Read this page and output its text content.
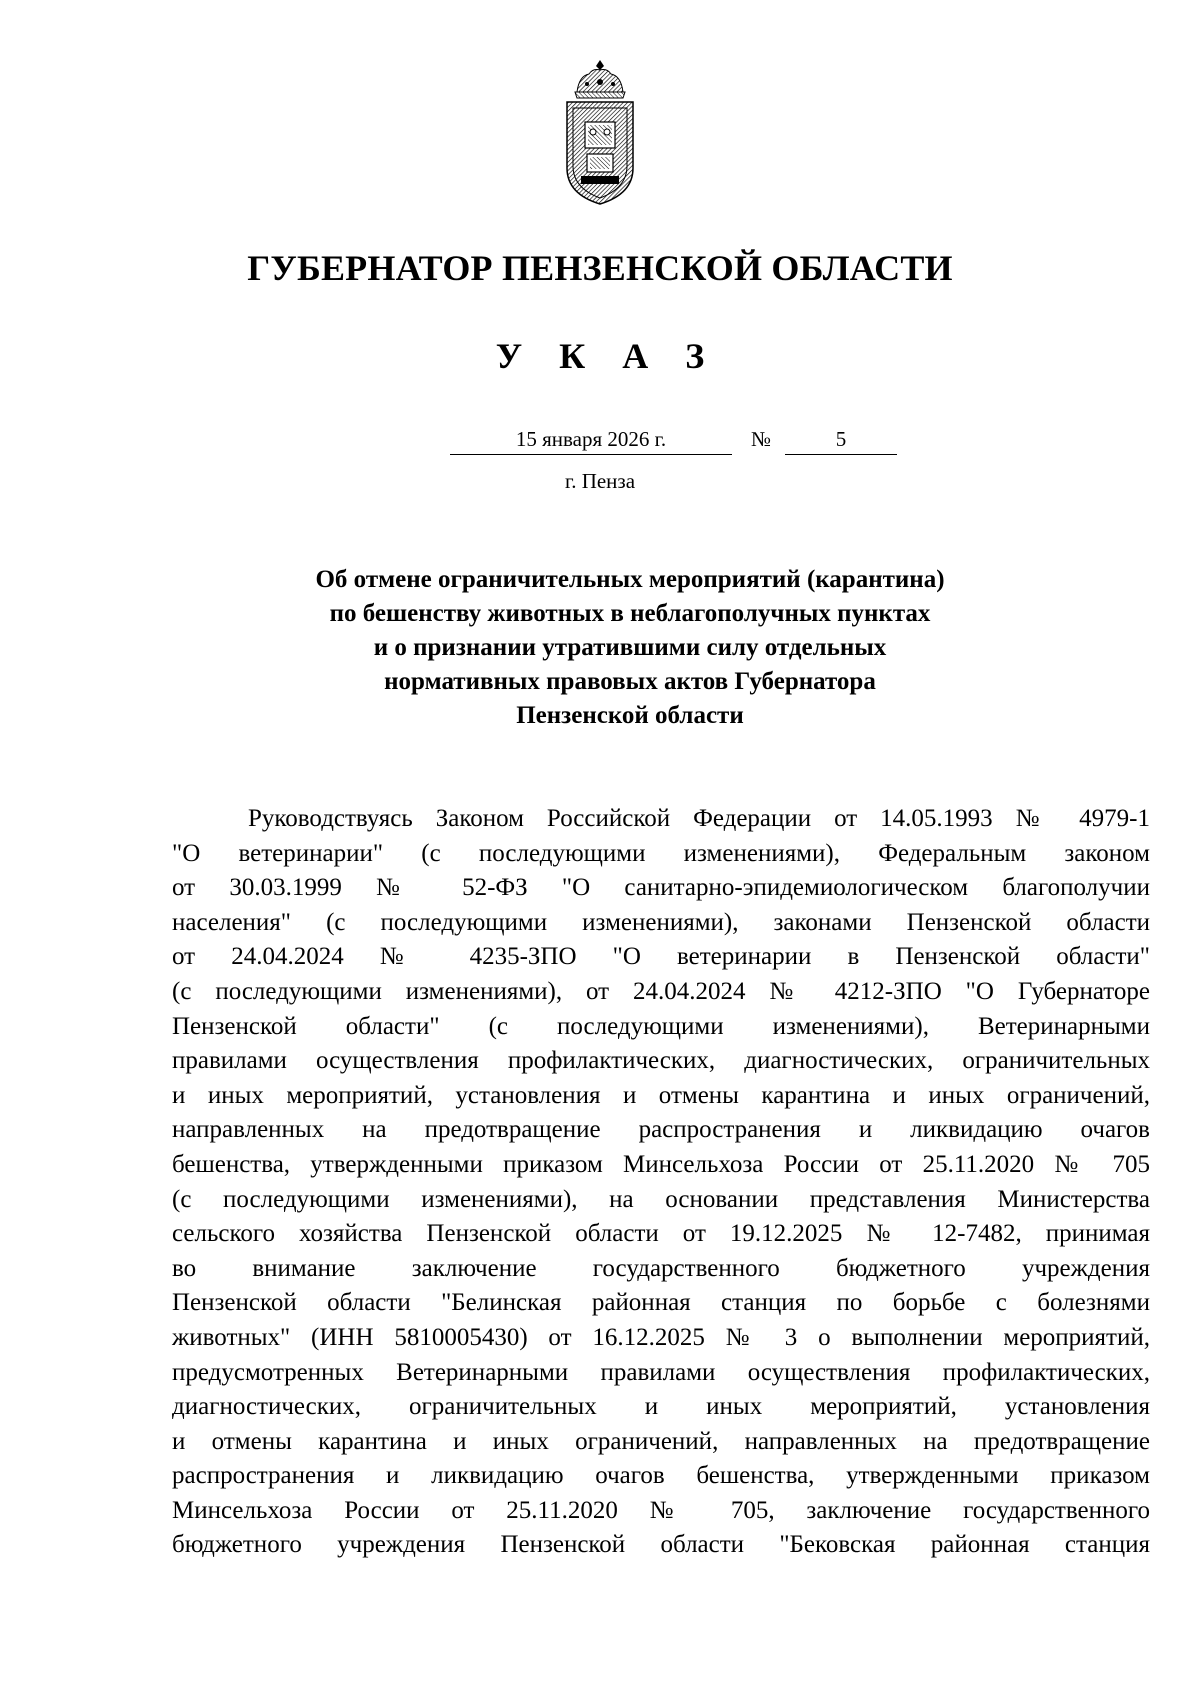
ГУБЕРНАТОР ПЕНЗЕНСКОЙ ОБЛАСТИ
У К А З
15 января 2026 г.	№	5
г. Пенза
Об отмене ограничительных мероприятий (карантина)
по бешенству животных в неблагополучных пунктах
и о признании утратившими силу отдельных
нормативных правовых актов Губернатора
Пензенской области
Руководствуясь Законом Российской Федерации от 14.05.1993 № 4979-1
"О ветеринарии" (с последующими изменениями), Федеральным законом
от 30.03.1999 № 52-ФЗ "О санитарно-эпидемиологическом благополучии
населения" (с последующими изменениями), законами Пензенской области
от 24.04.2024 № 4235-ЗПО "О ветеринарии в Пензенской области"
(с последующими изменениями), от 24.04.2024 № 4212-ЗПО "О Губернаторе
Пензенской области" (с последующими изменениями), Ветеринарными
правилами осуществления профилактических, диагностических, ограничительных
и иных мероприятий, установления и отмены карантина и иных ограничений,
направленных на предотвращение распространения и ликвидацию очагов
бешенства, утвержденными приказом Минсельхоза России от 25.11.2020 № 705
(с последующими изменениями), на основании представления Министерства
сельского хозяйства Пензенской области от 19.12.2025 № 12-7482, принимая
во внимание заключение государственного бюджетного учреждения
Пензенской области "Белинская районная станция по борьбе с болезнями
животных" (ИНН 5810005430) от 16.12.2025 № 3 о выполнении мероприятий,
предусмотренных Ветеринарными правилами осуществления профилактических,
диагностических, ограничительных и иных мероприятий, установления
и отмены карантина и иных ограничений, направленных на предотвращение
распространения и ликвидацию очагов бешенства, утвержденными приказом
Минсельхоза России от 25.11.2020 № 705, заключение государственного
бюджетного учреждения Пензенской области "Бековская районная станция
